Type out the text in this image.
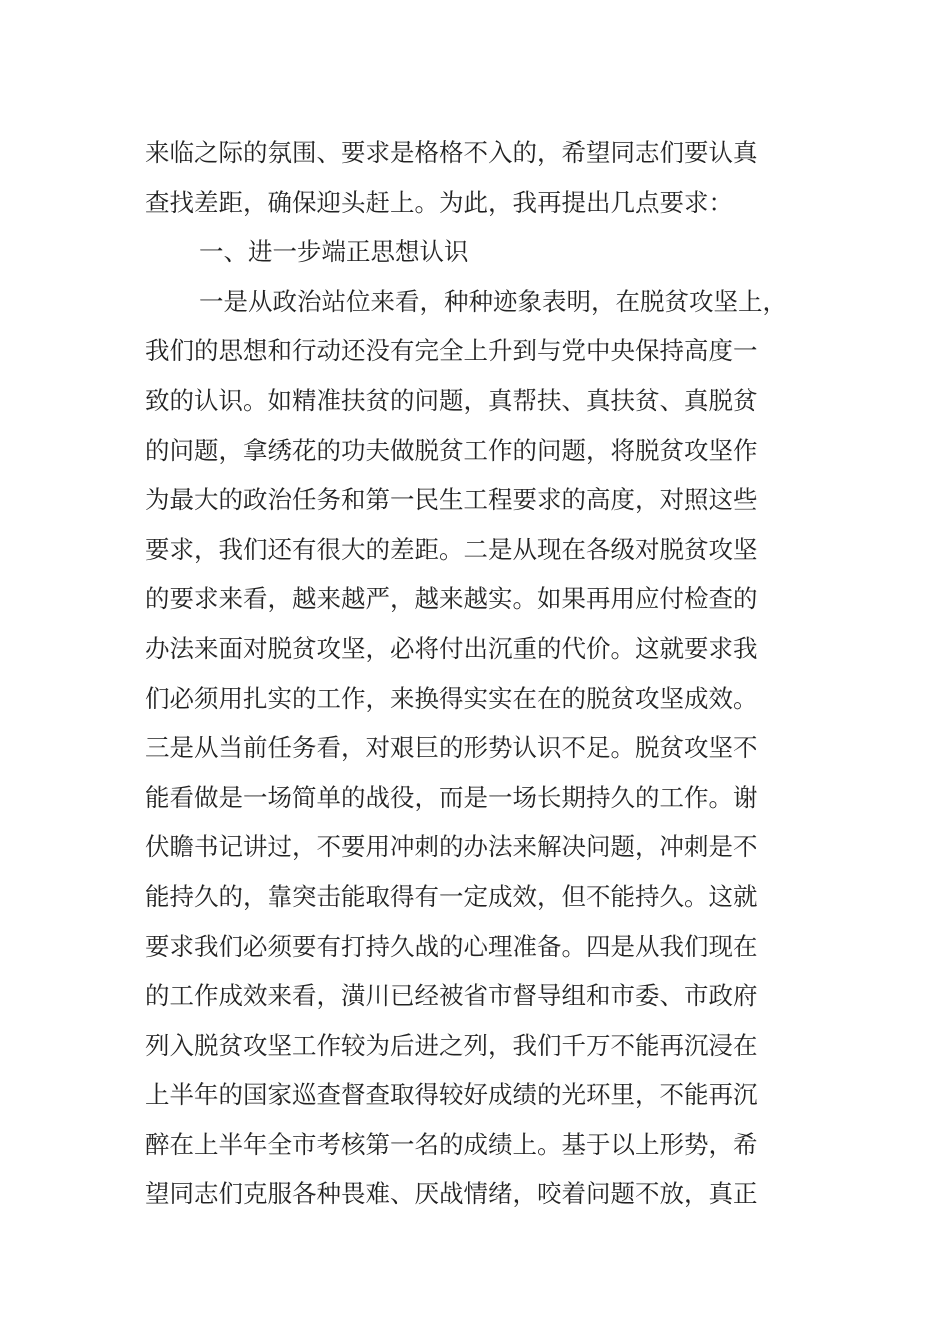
来临之际的氛围、要求是格格不入的，希望同志们要认真
查找差距，确保迎头赶上。为此，我再提出几点要求：
一、进一步端正思想认识
一是从政治站位来看，种种迹象表明，在脱贫攻坚上，
我们的思想和行动还没有完全上升到与党中央保持高度一
致的认识。如精准扶贫的问题，真帮扶、真扶贫、真脱贫
的问题，拿绣花的功夫做脱贫工作的问题，将脱贫攻坚作
为最大的政治任务和第一民生工程要求的高度，对照这些
要求，我们还有很大的差距。二是从现在各级对脱贫攻坚
的要求来看，越来越严，越来越实。如果再用应付检查的
办法来面对脱贫攻坚，必将付出沉重的代价。这就要求我
们必须用扎实的工作，来换得实实在在的脱贫攻坚成效。
三是从当前任务看，对艰巨的形势认识不足。脱贫攻坚不
能看做是一场简单的战役，而是一场长期持久的工作。谢
伏瞻书记讲过，不要用冲刺的办法来解决问题，冲刺是不
能持久的，靠突击能取得有一定成效，但不能持久。这就
要求我们必须要有打持久战的心理准备。四是从我们现在
的工作成效来看，潢川已经被省市督导组和市委、市政府
列入脱贫攻坚工作较为后进之列，我们千万不能再沉浸在
上半年的国家巡查督查取得较好成绩的光环里，不能再沉
醉在上半年全市考核第一名的成绩上。基于以上形势，希
望同志们克服各种畏难、厌战情绪，咬着问题不放，真正
